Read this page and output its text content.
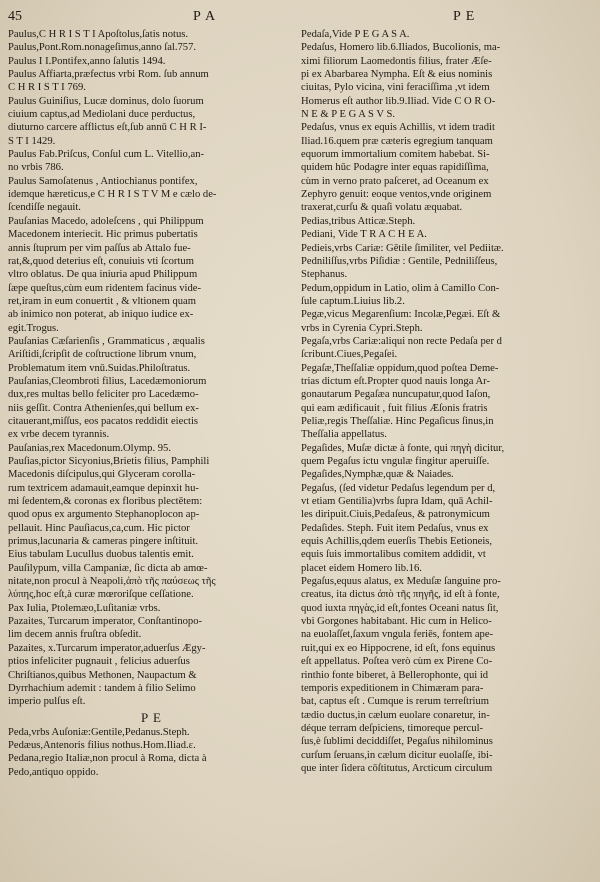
45	P A	P E
Paulus,C H R I S T I Apoſtolus,ſatis notus.
Paulus,Pont.Rom.nonageſimus,anno ſal.757.
Paulus I I.Pontifex,anno ſalutis 1494.
Paulus Affiarta,præfectus vrbi Rom. ſub annum
C H R I S T I 769.
Paulus Guiniſius, Lucæ dominus, dolo ſuorum
ciuium captus,ad Mediolani duce perductus,
diuturno carcere afflictus eſt,ſub annū C H R I-
S T I 1429.
Paulus Fab.Priſcus, Conſul cum L. Vitellio,an-
no vrbis 786.
Paulus Samoſatenus , Antiochianus pontifex,
idemque hæreticus,e C H R I S T V M e cælo de-
ſcendiſſe negauit.
Pauſanias Macedo, adoleſcens , qui Philippum
Macedonem interiecit. Hic primus pubertatis
annis ſtuprum per vim paſſus ab Attalo fue-
rat,&,quod deterius eſt, conuiuis vti ſcortum
vltro oblatus. De qua iniuria apud Philippum
ſæpe queſtus,cùm eum ridentem facinus vide-
ret,iram in eum conuertit , & vltionem quam
ab inimico non poterat, ab iniquo iudice ex-
egit.Trogus.
Pauſanias Cæſarienſis , Grammaticus , æqualis
Ariſtidi,ſcripſit de coſtructione librum vnum,
Problematum item vnū.Suidas.Philoſtratus.
Pauſanias,Cleombroti filius, Lacedæmoniorum
dux,res multas bello feliciter pro Lacedæmo-
niis geſſit. Contra Athenienſes,qui bellum ex-
citauerant,miſſus, eos pacatos reddidit eiectis
ex vrbe decem tyrannis.
Pauſanias,rex Macedonum.Olymp. 95.
Pauſias,pictor Sicyonius,Brietis filius, Pamphili
Macedonis diſcipulus,qui Glyceram corolla-
rum textricem adamauit,eamque depinxit hu-
mi ſedentem,& coronas ex floribus plectētem:
quod opus ex argumento Stephanoplocon ap-
pellauit. Hinc Pauſiacus,ca,cum. Hic pictor
primus,lacunaria & cameras pingere inſtituit.
Eius tabulam Lucullus duobus talentis emit.
Pauſilypum, villa Campaniæ, ſic dicta ab amœ-
nitate,non procul à Neapoli,ἀπὸ τῆς παύσεως τῆς
λύπης,hoc eſt,à curæ mœroriſque ceſſatione.
Pax Iulia, Ptolemæo,Luſitaniæ vrbs.
Pazaites, Turcarum imperator, Conſtantinopo-
lim decem annis fruſtra obſedit.
Pazaites, x.Turcarum imperator,aduerſus Ægy-
ptios infeliciter pugnauit , felicius aduerſus
Chriſtianos,quibus Methonen, Naupactum &
Dyrrhachium ademit : tandem à filio Selimo
imperio pulſus eſt.
P E
Peda,vrbs Auſoniæ:Gentile,Pedanus.Steph.
Pedæus,Antenoris filius nothus.Hom.Iliad.ε.
Pedana,regio Italiæ,non procul à Roma, dicta à
Pedo,antiquo oppido.
Pedaſa,Vide P E G A S A.
Pedaſus, Homero lib.6.Iliados, Bucolionis, ma-
ximi filiorum Laomedontis filius, frater Æſe-
pi ex Abarbarea Nympha. Eſt & eius nominis
ciuitas, Pylo vicina, vini feraciſſima ,vt idem
Homerus eſt author lib.9.Iliad. Vide C O R O-
N E & P E G A S V S.
Pedaſus, vnus ex equis Achillis, vt idem tradit
Iliad.16.quem præ cæteris egregium tanquam
equorum immortalium comitem habebat. Si-
quidem hūc Podagre inter equas rapidiſſima,
cùm in verno prato paſceret, ad Oceanum ex
Zephyro genuit: eoque ventos,vnde originem
traxerat,curſu & quaſi volatu æquabat.
Pedias,tribus Atticæ.Steph.
Pediani, Vide T R A C H E A.
Pedieis,vrbs Cariæ: Gētile ſimiliter, vel Pediitæ.
Pedniliſſus,vrbs Piſidiæ : Gentile, Pedniliſſeus,
Stephanus.
Pedum,oppidum in Latio, olim à Camillo Con-
ſule captum.Liuius lib.2.
Pegæ,vicus Megarenſium: Incolæ,Pegæi. Eſt &
vrbs in Cyrenia Cypri.Steph.
Pegaſa,vrbs Cariæ:aliqui non recte Pedaſa per d
ſcribunt.Ciues,Pegaſei.
Pegaſæ,Theſſaliæ oppidum,quod poſtea Deme-
trias dictum eſt.Propter quod nauis longa Ar-
gonautarum Pegaſæa nuncupatur,quod Iaſon,
qui eam ædificauit , fuit filius Æſonis fratris
Peliæ,regis Theſſaliæ. Hinc Pegaſicus ſinus,in
Theſſalia appellatus.
Pegaſides, Muſæ dictæ à fonte, qui πηγὴ dicitur,
quem Pegaſus ictu vngulæ fingitur aperuiſſe.
Pegaſides,Nymphæ,quæ & Naiades.
Pegaſus, (ſed videtur Pedaſus legendum per d,
vt etiam Gentilia)vrbs ſupra Idam, quā Achil-
les diripuit.Ciuis,Pedaſeus, & patronymicum
Pedaſides. Steph. Fuit item Pedaſus, vnus ex
equis Achillis,qdem euerſis Thebis Eetioneis,
equis ſuis immortalibus comitem addidit, vt
placet eidem Homero lib.16.
Pegaſus,equus alatus, ex Meduſæ ſanguine pro-
creatus, ita dictus ἀπὸ τῆς πηγῆς, id eſt à fonte,
quod iuxta πηγὰς,id eſt,fontes Oceani natus ſit,
vbi Gorgones habitabant. Hic cum in Helico-
na euolaſſet,ſaxum vngula feriēs, fontem ape-
ruit,qui ex eo Hippocrene, id eſt, fons equinus
eſt appellatus. Poſtea verò cùm ex Pirene Co-
rinthio fonte biberet, à Bellerophonte, qui id
temporis expeditionem in Chimæram para-
bat, captus eſt . Cumque is rerum terreſtrium
tædio ductus,in cælum euolare conaretur, in-
déque terram deſpiciens, timoreque percul-
ſus,è ſublimi deciddiſſet, Pegaſus nihilominus
curſum ſeruans,in cælum dicitur euolaſſe, ibi-
que inter ſidera cōſtitutus, Arcticum circulum
